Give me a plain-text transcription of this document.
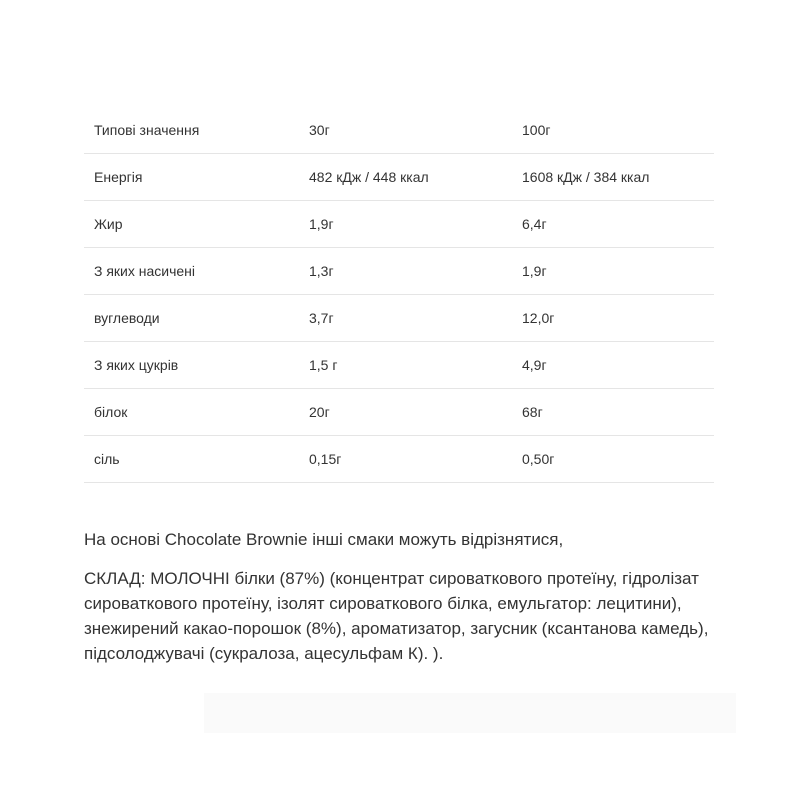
Типові значення	30г	100г
Енергія	482 кДж / 448 ккал	1608 кДж / 384 ккал
Жир	1,9г	6,4г
З яких насичені	1,3г	1,9г
вуглеводи	3,7г	12,0г
З яких цукрів	1,5 г	4,9г
білок	20г	68г
сіль	0,15г	0,50г

На основі Chocolate Brownie інші смаки можуть відрізнятися,

СКЛАД: МОЛОЧНІ білки (87%) (концентрат сироваткового протеїну, гідролізат сироваткового протеїну, ізолят сироваткового білка, емульгатор: лецитини), знежирений какао-порошок (8%), ароматизатор, загусник (ксантанова камедь), підсолоджувачі (сукралоза, ацесульфам К). ).
